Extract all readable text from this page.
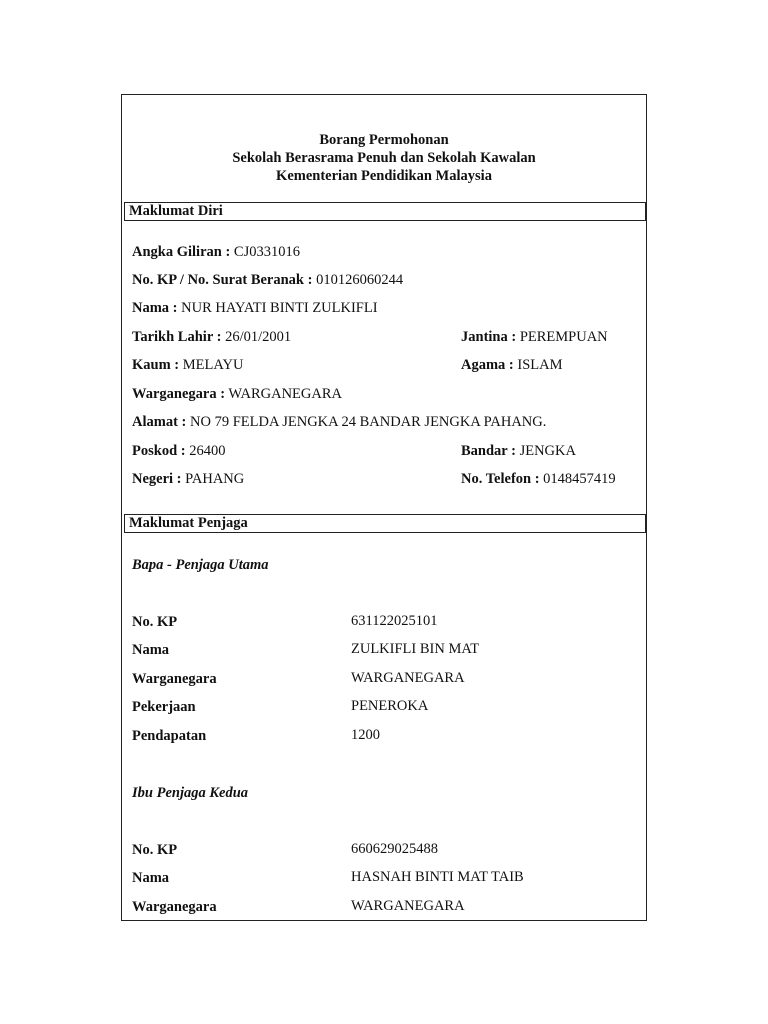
Borang Permohonan
Sekolah Berasrama Penuh dan Sekolah Kawalan
Kementerian Pendidikan Malaysia
Maklumat Diri
Angka Giliran : CJ0331016
No. KP / No. Surat Beranak : 010126060244
Nama : NUR HAYATI BINTI ZULKIFLI
Tarikh Lahir : 26/01/2001	Jantina : PEREMPUAN
Kaum : MELAYU	Agama : ISLAM
Warganegara : WARGANEGARA
Alamat : NO 79 FELDA JENGKA 24 BANDAR JENGKA PAHANG.
Poskod : 26400	Bandar : JENGKA
Negeri : PAHANG	No. Telefon : 0148457419
Maklumat Penjaga
Bapa - Penjaga Utama
No. KP	631122025101
Nama	ZULKIFLI BIN MAT
Warganegara	WARGANEGARA
Pekerjaan	PENEROKA
Pendapatan	1200
Ibu Penjaga Kedua
No. KP	660629025488
Nama	HASNAH BINTI MAT TAIB
Warganegara	WARGANEGARA
